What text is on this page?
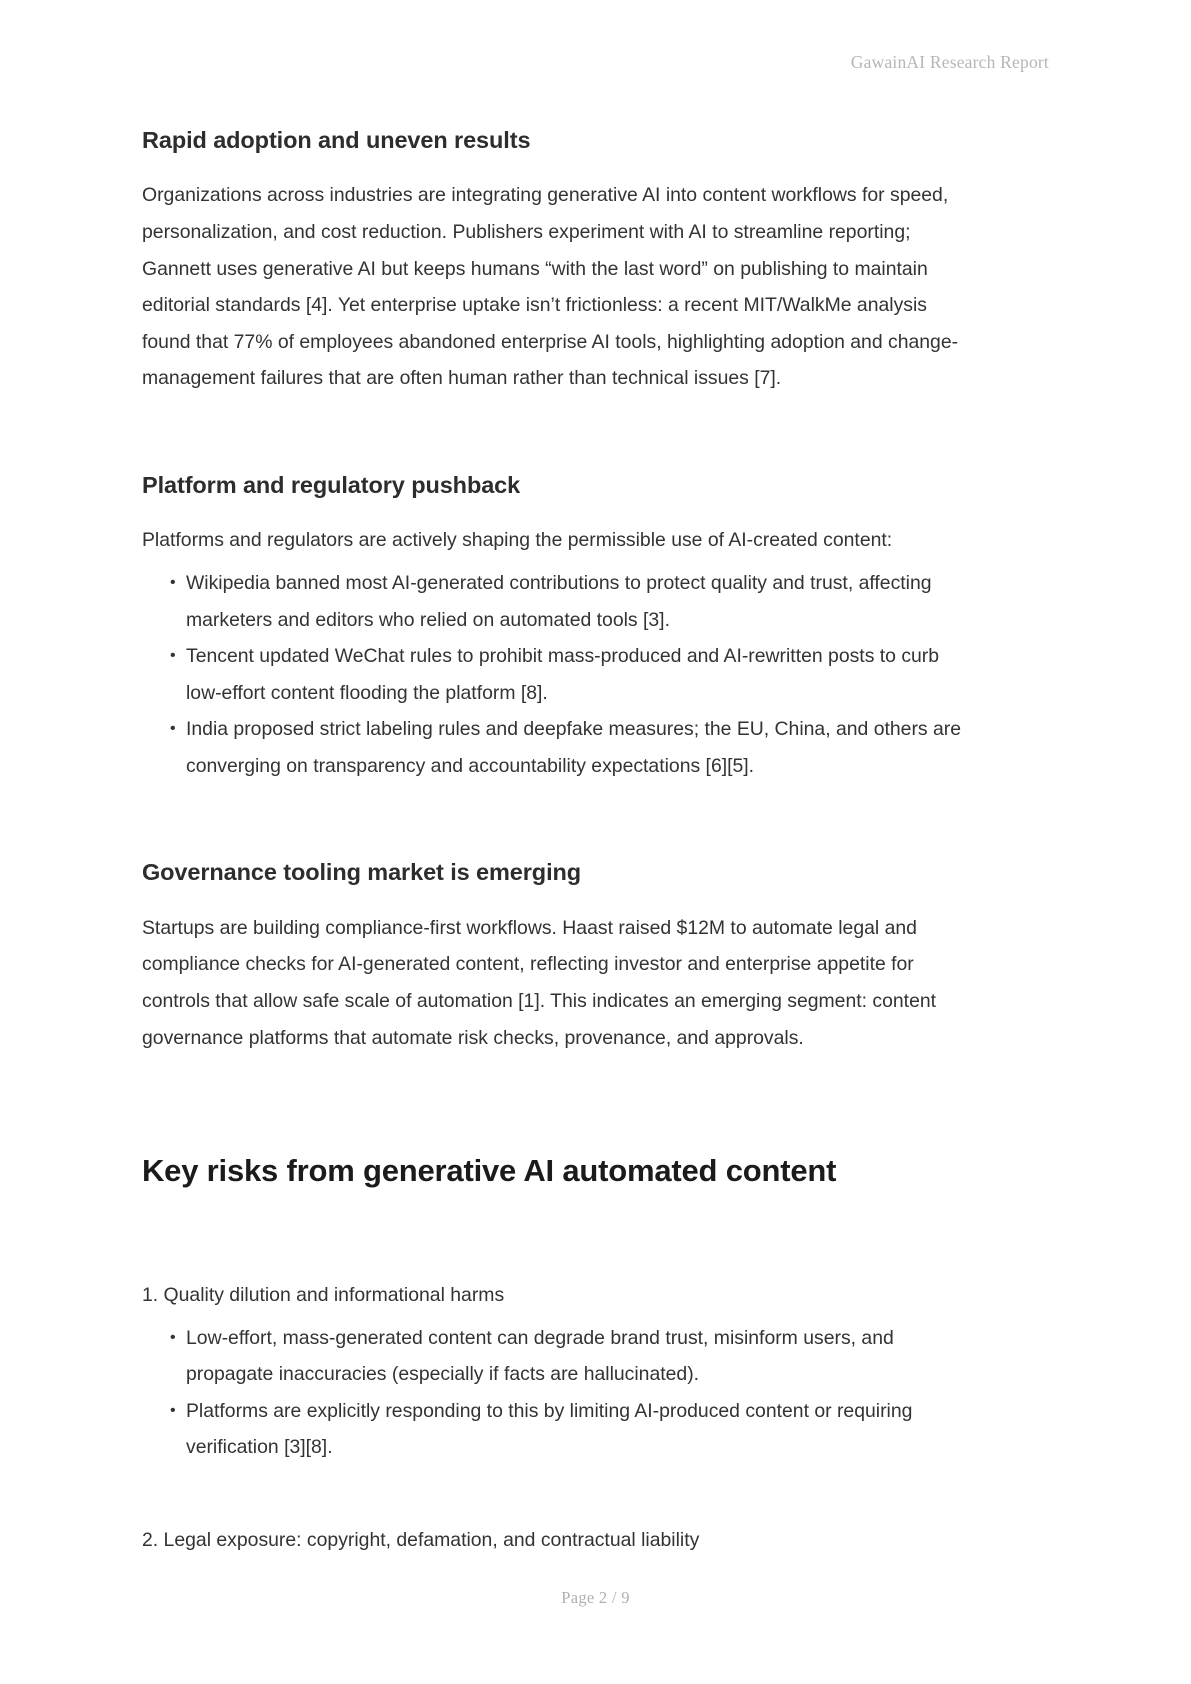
GawainAI Research Report
Rapid adoption and uneven results

Organizations across industries are integrating generative AI into content workflows for speed, personalization, and cost reduction. Publishers experiment with AI to streamline reporting; Gannett uses generative AI but keeps humans “with the last word” on publishing to maintain editorial standards [4]. Yet enterprise uptake isn’t frictionless: a recent MIT/WalkMe analysis found that 77% of employees abandoned enterprise AI tools, highlighting adoption and change-management failures that are often human rather than technical issues [7].

Platform and regulatory pushback

Platforms and regulators are actively shaping the permissible use of AI-created content:

• Wikipedia banned most AI-generated contributions to protect quality and trust, affecting marketers and editors who relied on automated tools [3].
• Tencent updated WeChat rules to prohibit mass-produced and AI-rewritten posts to curb low-effort content flooding the platform [8].
• India proposed strict labeling rules and deepfake measures; the EU, China, and others are converging on transparency and accountability expectations [6][5].
Governance tooling market is emerging

Startups are building compliance-first workflows. Haast raised $12M to automate legal and compliance checks for AI-generated content, reflecting investor and enterprise appetite for controls that allow safe scale of automation [1]. This indicates an emerging segment: content governance platforms that automate risk checks, provenance, and approvals.

Key risks from generative AI automated content
1. Quality dilution and informational harms
• Low-effort, mass-generated content can degrade brand trust, misinform users, and propagate inaccuracies (especially if facts are hallucinated).
• Platforms are explicitly responding to this by limiting AI-produced content or requiring verification [3][8].
2. Legal exposure: copyright, defamation, and contractual liability
Page 2 / 9
